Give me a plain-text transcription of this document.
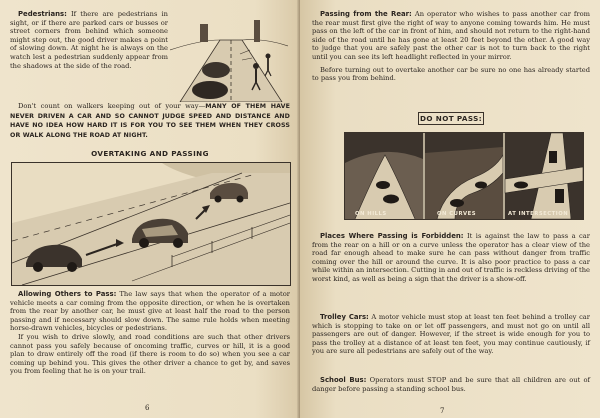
Pedestrians: If there are pedestrians in sight, or if there are parked cars or busses or street corners from behind which someone might step out, the good driver makes a point of slowing down. At night he is always on the watch lest a pedestrian suddenly appear from the shadows at the side of the road.

Don't count on walkers keeping out of your way—MANY OF THEM HAVE NEVER DRIVEN A CAR AND SO CANNOT JUDGE SPEED AND DISTANCE AND HAVE NO IDEA HOW HARD IT IS FOR YOU TO SEE THEM WHEN THEY CROSS OR WALK ALONG THE ROAD AT NIGHT.

OVERTAKING AND PASSING

Allowing Others to Pass: The law says that when the operator of a motor vehicle meets a car coming from the opposite direction, or when he is overtaken from the rear by another car, he must give at least half the road to the person passing and if necessary should slow down. The same rule holds when meeting horse-drawn vehicles, bicycles or pedestrians.

If you wish to drive slowly, and road conditions are such that other drivers cannot pass you safely because of oncoming traffic, curves or hill, it is a good plan to draw entirely off the road (if there is room to do so) when you see a car coming up behind you. This gives the other driver a chance to get by, and saves you from feeling that he is on your trail.

6

Passing from the Rear: An operator who wishes to pass another car from the rear must first give the right of way to anyone coming towards him. He must pass on the left of the car in front of him, and should not return to the right-hand side of the road until he has gone at least 20 feet beyond the other. A good way to judge that you are safely past the other car is not to turn back to the right until you can see its left headlight reflected in your mirror.

Before turning out to overtake another car be sure no one has already started to pass you from behind.

DO NOT PASS:
ON HILLS	ON CURVES	AT INTERSECTION

Places Where Passing is Forbidden: It is against the law to pass a car from the rear on a hill or on a curve unless the operator has a clear view of the road far enough ahead to make sure he can pass without danger from traffic coming over the hill or around the curve. It is also poor practice to pass a car while within an intersection. Cutting in and out of traffic is reckless driving of the worst kind, as well as being a sign that the driver is a show-off.

Trolley Cars: A motor vehicle must stop at least ten feet behind a trolley car which is stopping to take on or let off passengers, and must not go on until all passengers are out of danger. However, if the street is wide enough for you to pass the trolley at a distance of at least ten feet, you may continue cautiously, if you are sure all pedestrians are safely out of the way.

School Bus: Operators must STOP and be sure that all children are out of danger before passing a standing school bus.

7
